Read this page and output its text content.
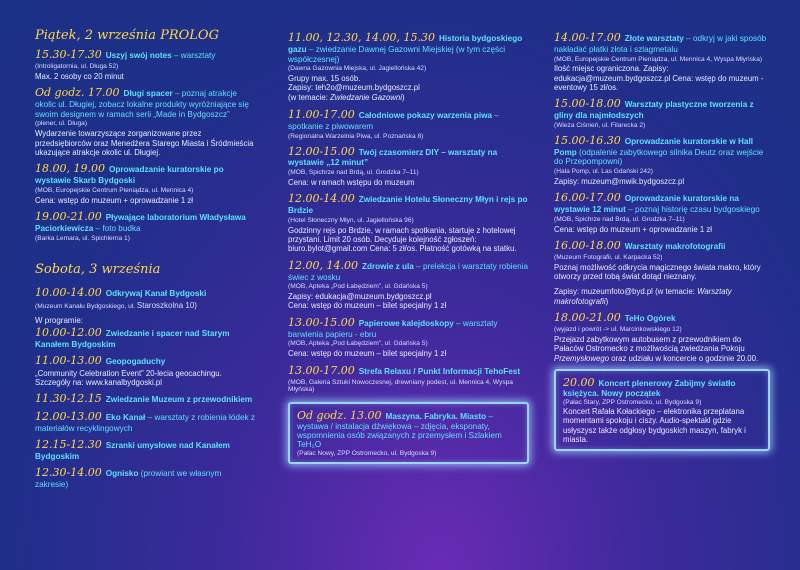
Piątek, 2 września PROLOG
15.30-17.30 Uszyj swój notes – warsztaty
(Introligatornia, ul. Długa 52)
Max. 2 osoby co 20 minut
Od godz. 17.00 Długi spacer – poznaj atrakcje okolic ul. Długiej, zobacz lokalne produkty wyróżniające się swoim designem w ramach serii „Made in Bydgoszcz”
(plener, ul. Długa)
Wydarzenie towarzyszące zorganizowane przez przedsiębiorców oraz Menedżera Starego Miasta i Śródmieścia ukazujące atrakcje okolic ul. Długiej.
18.00, 19.00 Oprowadzanie kuratorskie po wystawie Skarb Bydgoski
(MOB, Europejskie Centrum Pieniądza, ul. Mennica 4)
Cena: wstęp do muzeum + oprowadzanie 1 zł
19.00-21.00 Pływające laboratorium Władysława Paciorkiewicza – foto budka
(Barka Lemara, ul. Spichlerna 1)
Sobota, 3 września
10.00-14.00 Odkrywaj Kanał Bydgoski
(Muzeum Kanału Bydgoskiego, ul. Staroszkolna 10)
W programie:
10.00-12.00 Zwiedzanie i spacer nad Starym Kanałem Bydgoskim
11.00-13.00 Geopogaduchy
„Community Celebration Event” 20-lecia geocachingu. Szczegóły na: www.kanalbydgoski.pl
11.30-12.15 Zwiedzanie Muzeum z przewodnikiem
12.00-13.00 Eko Kanał – warsztaty z robienia łódek z materiałów recyklingowych
12.15-12.30 Szranki umysłowe nad Kanałem Bydgoskim
12.30-14.00 Ognisko (prowiant we własnym zakresie)
11.00, 12.30, 14.00, 15.30 Historia bydgoskiego gazu – zwiedzanie Dawnej Gazowni Miejskiej (w tym części współczesnej)
(Dawna Gazownia Miejska, ul. Jagiellońska 42)
Grupy max. 15 osób.
Zapisy: teh2o@muzeum.bydgoszcz.pl
(w temacie: Zwiedzanie Gazowni)
11.00-17.00 Całodniowe pokazy warzenia piwa – spotkanie z piwowarem
(Regionalna Warzelnia Piwa, ul. Poznańska 8)
12.00-15.00 Twój czasomierz DIY – warsztaty na wystawie „12 minut”
(MOB, Spichrze nad Brdą, ul. Grodzka 7–11)
Cena: w ramach wstępu do muzeum
12.00-14.00 Zwiedzanie Hotelu Słoneczny Młyn i rejs po Brdzie
(Hotel Słoneczny Młyn, ul. Jagiellońska 96)
Godzinny rejs po Brdzie, w ramach spotkania, startuje z hotelowej przystani. Limit 20 osób. Decyduje kolejność zgłoszeń: biuro.bylot@gmail.com Cena: 5 zł/os. Płatność gotówką na statku.
12.00, 14.00 Zdrowie z ula – prelekcja i warsztaty robienia świec z wosku
(MOB, Apteka „Pod Łabędziem”, ul. Gdańska 5)
Zapisy: edukacja@muzeum.bydgoszcz.pl
Cena: wstęp do muzeum – bilet specjalny 1 zł
13.00-15.00 Papierowe kalejdoskopy – warsztaty barwienia papieru - ebru
(MOB, Apteka „Pod Łabędziem”, ul. Gdańska 5)
Cena: wstęp do muzeum – bilet specjalny 1 zł
13.00-17.00 Strefa Relaxu / Punkt Informacji TehoFest
(MOB, Galeria Sztuki Nowoczesnej, drewniany podest, ul. Mennica 4, Wyspa Młyńska)
Od godz. 13.00 Maszyna. Fabryka. Miasto – wystawa / instalacja dźwiękowa – zdjęcia, eksponaty, wspomnienia osób związanych z przemysłem i Szlakiem TeH₂O
(Pałac Nowy, ZPP Ostromecko, ul. Bydgoska 9)
14.00-17.00 Złote warsztaty – odkryj w jaki sposób nakładać płatki złota i szlagmetalu
(MOB, Europejskie Centrum Pieniądza, ul. Mennica 4, Wyspa Młyńska)
Ilość miejsc ograniczona. Zapisy: edukacja@muzeum.bydgoszcz.pl Cena: wstęp do muzeum - eventowy 15 zł/os.
15.00-18.00 Warsztaty plastyczne tworzenia z gliny dla najmłodszych
(Wieża Ciśnień, ul. Filarecka 2)
15.00-16.30 Oprowadzanie kuratorskie w Hall Pomp (odpalenie zabytkowego silnika Deutz oraz wejście do Przepompowni)
(Hala Pomp, ul. Las Gdański 242)
Zapisy: muzeum@mwik.bydgoszcz.pl
16.00-17.00 Oprowadzanie kuratorskie na wystawie 12 minut – poznaj historię czasu bydgoskiego
(MOB, Spichrze nad Brdą, ul. Grodzka 7–11)
Cena: wstęp do muzeum + oprowadzanie 1 zł
16.00-18.00 Warsztaty makrofotografii
(Muzeum Fotografii, ul. Karpacka 52)
Poznaj możliwość odkrycia magicznego świata makro, który otworzy przed tobą świat dotąd nieznany.
Zapisy: muzeumfoto@byd.pl (w temacie: Warsztaty makrofotografii)
18.00-21.00 TeHo Ogórek
(wyjazd i powrót -> ul. Marcinkowskiego 12)
Przejazd zabytkowym autobusem z przewodnikiem do Pałaców Ostromecko z możliwością zwiedzania Pokoju Przemysłowego oraz udziału w koncercie o godzinie 20.00.
20.00 Koncert plenerowy Zabijmy światło księżyca. Nowy początek
(Pałac Stary, ZPP Ostromecko, ul. Bydgoska 9)
Koncert Rafała Kołackiego – elektronika przeplatana momentami spokoju i ciszy. Audio-spektakl gdzie usłyszysz także odgłosy bydgoskich maszyn, fabryk i miasta.
